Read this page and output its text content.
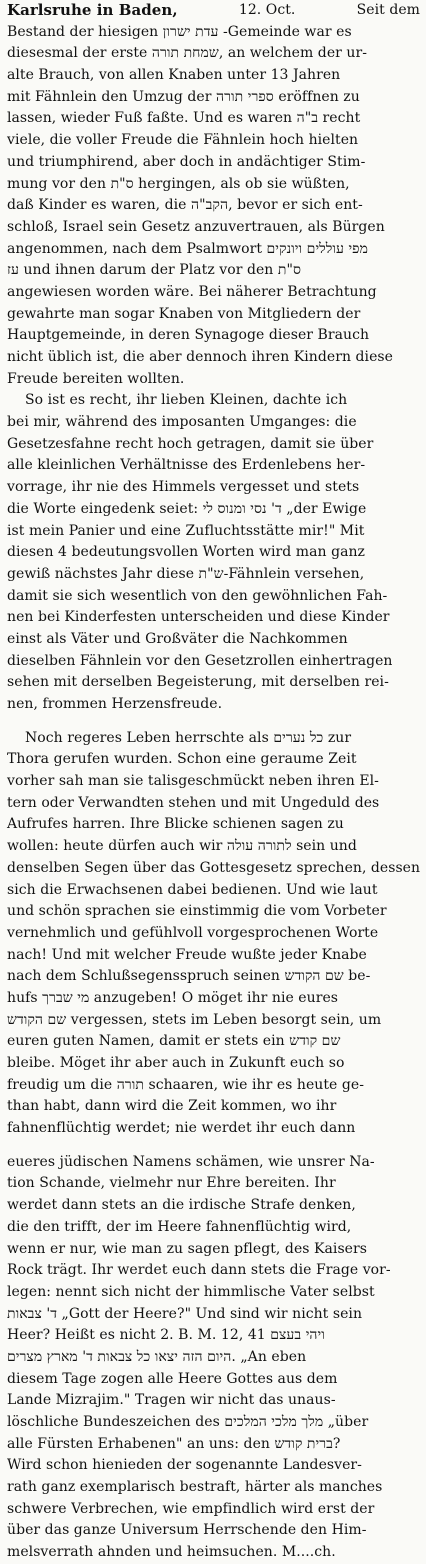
Karlsruhe in Baden,	12. Oct.	Seit dem
Bestand der hiesigen עדת ישרון -Gemeinde war es
diesesmal der erste שמחת תורה, an welchem der ur-
alte Brauch, von allen Knaben unter 13 Jahren
mit Fähnlein den Umzug der ספרי תורה eröffnen zu
lassen, wieder Fuß faßte. Und es waren ב"ה recht
viele, die voller Freude die Fähnlein hoch hielten
und triumphirend, aber doch in andächtiger Stim-
mung vor den ס"ת hergingen, als ob sie wüßten,
daß Kinder es waren, die הקב"ה, bevor er sich ent-
schloß, Israel sein Gesetz anzuvertrauen, als Bürgen
angenommen, nach dem Psalmwort מפי עוללים ויונקים
עז und ihnen darum der Platz vor den ס"ת
angewiesen worden wäre. Bei näherer Betrachtung
gewahrte man sogar Knaben von Mitgliedern der
Hauptgemeinde, in deren Synagoge dieser Brauch
nicht üblich ist, die aber dennoch ihren Kindern diese
Freude bereiten wollten.
So ist es recht, ihr lieben Kleinen, dachte ich
bei mir, während des imposanten Umganges: die
Gesetzesfahne recht hoch getragen, damit sie über
alle kleinlichen Verhältnisse des Erdenlebens her-
vorrage, ihr nie des Himmels vergesset und stets
die Worte eingedenk seiet: ד' נסי ומנוס לי „der Ewige
ist mein Panier und eine Zufluchtsstätte mir!" Mit
diesen 4 bedeutungsvollen Worten wird man ganz
gewiß nächstes Jahr diese ש"ת-Fähnlein versehen,
damit sie sich wesentlich von den gewöhnlichen Fah-
nen bei Kinderfesten unterscheiden und diese Kinder
einst als Väter und Großväter die Nachkommen
dieselben Fähnlein vor den Gesetzrollen einhertragen
sehen mit derselben Begeisterung, mit derselben rei-
nen, frommen Herzensfreude.
Noch regeres Leben herrschte als כל נערים zur
Thora gerufen wurden. Schon eine geraume Zeit
vorher sah man sie talisgeschmückt neben ihren El-
tern oder Verwandten stehen und mit Ungeduld des
Aufrufes harren. Ihre Blicke schienen sagen zu
wollen: heute dürfen auch wir לתורה עולה sein und
denselben Segen über das Gottesgesetz sprechen, dessen
sich die Erwachsenen dabei bedienen. Und wie laut
und schön sprachen sie einstimmig die vom Vorbeter
vernehmlich und gefühlvoll vorgesprochenen Worte
nach! Und mit welcher Freude wußte jeder Knabe
nach dem Schlußsegensspruch seinen שם הקודש be-
hufs מי שברך anzugeben! O möget ihr nie eures
שם הקודש vergessen, stets im Leben besorgt sein, um
euren guten Namen, damit er stets ein שם קודש
bleibe. Möget ihr aber auch in Zukunft euch so
freudig um die תורה schaaren, wie ihr es heute ge-
than habt, dann wird die Zeit kommen, wo ihr
fahnenflüchtig werdet; nie werdet ihr euch dann
eueres jüdischen Namens schämen, wie unsrer Na-
tion Schande, vielmehr nur Ehre bereiten. Ihr
werdet dann stets an die irdische Strafe denken,
die den trifft, der im Heere fahnenflüchtig wird,
wenn er nur, wie man zu sagen pflegt, des Kaisers
Rock trägt. Ihr werdet euch dann stets die Frage vor-
legen: nennt sich nicht der himmlische Vater selbst
ד' צבאות „Gott der Heere?" Und sind wir nicht sein
Heer? Heißt es nicht 2. B. M. 12, 41 ויהי בעצם
היום הזה יצאו כל צבאות ד' מארץ מצרים. „An eben
diesem Tage zogen alle Heere Gottes aus dem
Lande Mizrajim." Tragen wir nicht das unaus-
löschliche Bundeszeichen des מלך מלכי המלכים „über
alle Fürsten Erhabenen" an uns: den ברית קודש?
Wird schon hienieden der sogenannte Landesver-
rath ganz exemplarisch bestraft, härter als manches
schwere Verbrechen, wie empfindlich wird erst der
über das ganze Universum Herrschende den Him-
melsverrath ahnden und heimsuchen. M....ch.
